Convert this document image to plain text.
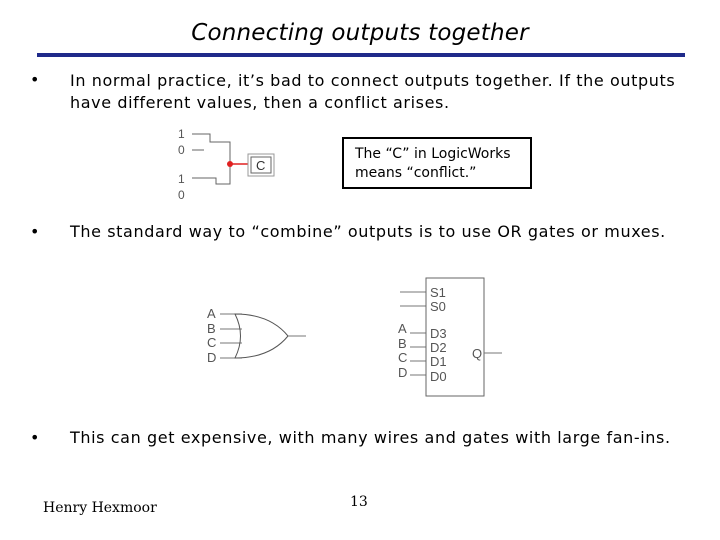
Connecting outputs together
• In normal practice, it’s bad to connect outputs together. If the outputs have different values, then a conflict arises.
1
0
1
0
C
The “C” in LogicWorks
means “conflict.”
• The standard way to “combine” outputs is to use OR gates or muxes.
A
B
C
D
S1
S0
A
B
C
D
D3
D2
D1
D0
Q
• This can get expensive, with many wires and gates with large fan-ins.
Henry Hexmoor	13
